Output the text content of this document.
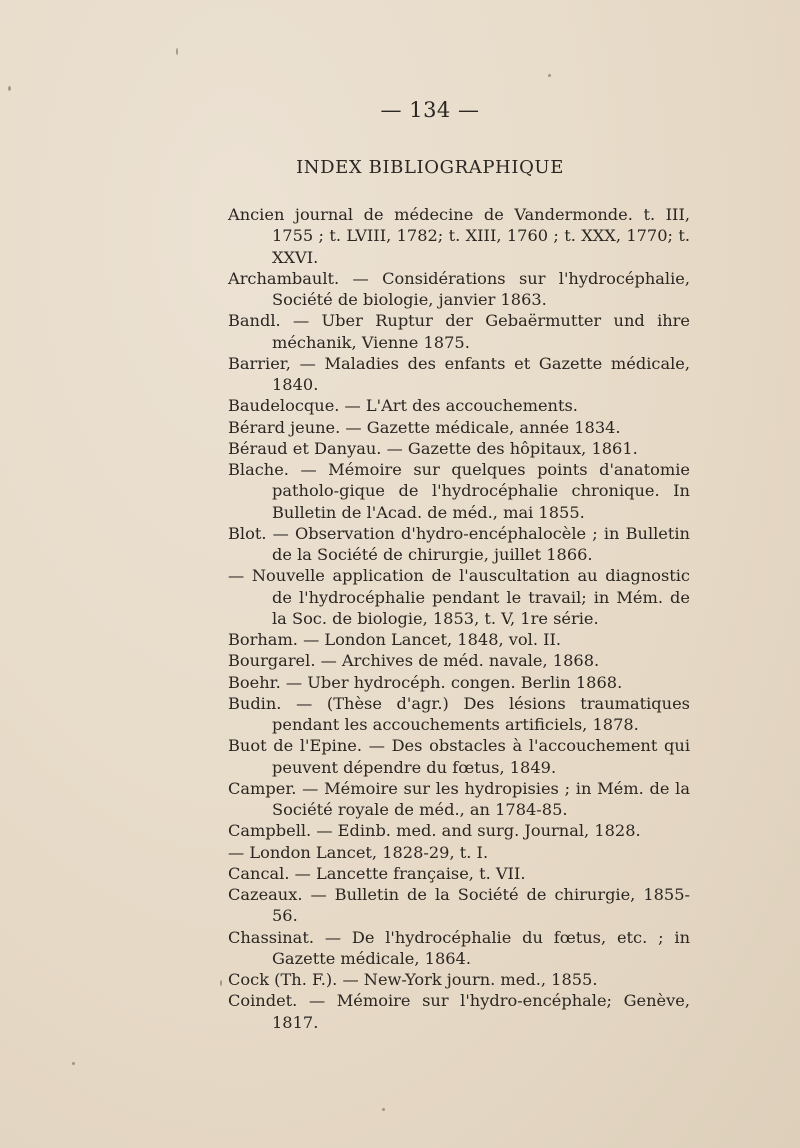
— 134 —
INDEX BIBLIOGRAPHIQUE
Ancien journal de médecine de Vandermonde. t. III, 1755 ; t. LVIII, 1782; t. XIII, 1760 ; t. XXX, 1770; t. XXVI.
Archambault. — Considérations sur l'hydrocéphalie, Société de biologie, janvier 1863.
Bandl. — Uber Ruptur der Gebaërmutter und ihre méchanik, Vienne 1875.
Barrier, — Maladies des enfants et Gazette médicale, 1840.
Baudelocque. — L'Art des accouchements.
Bérard jeune. — Gazette médicale, année 1834.
Béraud et Danyau. — Gazette des hôpitaux, 1861.
Blache. — Mémoire sur quelques points d'anatomie patholo-gique de l'hydrocéphalie chronique. In Bulletin de l'Acad. de méd., mai 1855.
Blot. — Observation d'hydro-encéphalocèle ; in Bulletin de la Société de chirurgie, juillet 1866.
— Nouvelle application de l'auscultation au diagnostic de l'hydrocéphalie pendant le travail; in Mém. de la Soc. de biologie, 1853, t. V, 1re série.
Borham. — London Lancet, 1848, vol. II.
Bourgarel. — Archives de méd. navale, 1868.
Boehr. — Uber hydrocéph. congen. Berlin 1868.
Budin. — (Thèse d'agr.) Des lésions traumatiques pendant les accouchements artificiels, 1878.
Buot de l'Epine. — Des obstacles à l'accouchement qui peuvent dépendre du fœtus, 1849.
Camper. — Mémoire sur les hydropisies ; in Mém. de la Société royale de méd., an 1784-85.
Campbell. — Edinb. med. and surg. Journal, 1828.
— London Lancet, 1828-29, t. I.
Cancal. — Lancette française, t. VII.
Cazeaux. — Bulletin de la Société de chirurgie, 1855-56.
Chassinat. — De l'hydrocéphalie du fœtus, etc. ; in Gazette médicale, 1864.
Cock (Th. F.). — New-York journ. med., 1855.
Coindet. — Mémoire sur l'hydro-encéphale; Genève, 1817.
